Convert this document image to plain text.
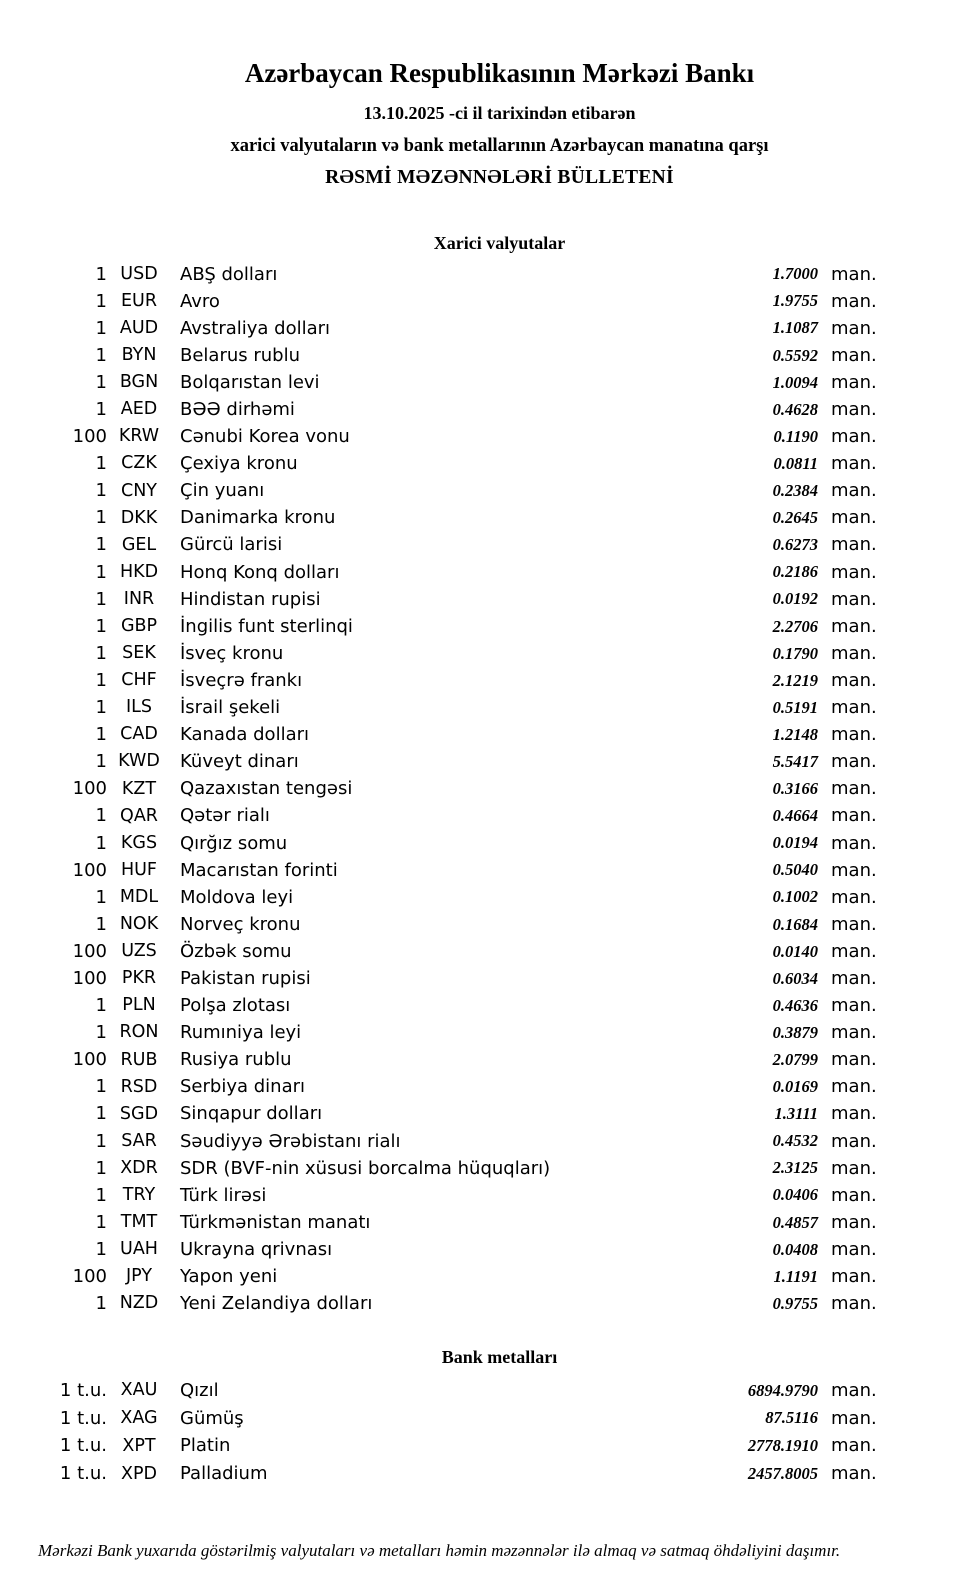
Azərbaycan Respublikasının Mərkəzi Bankı

13.10.2025 -ci il tarixindən etibarən

xarici valyutaların və bank metallarının Azərbaycan manatına qarşı

RƏSMİ MƏZƏNNƏLƏRİ BÜLLETENİ

Xarici valyutalar
1 USD	ABŞ dolları	1.7000 man.
1 EUR	Avro	1.9755 man.
1 AUD	Avstraliya dolları	1.1087 man.
1 BYN	Belarus rublu	0.5592 man.
1 BGN	Bolqarıstan levi	1.0094 man.
1 AED	BƏƏ dirhəmi	0.4628 man.
100 KRW	Cənubi Korea vonu	0.1190 man.
1 CZK	Çexiya kronu	0.0811 man.
1 CNY	Çin yuanı	0.2384 man.
1 DKK	Danimarka kronu	0.2645 man.
1 GEL	Gürcü larisi	0.6273 man.
1 HKD	Honq Konq dolları	0.2186 man.
1 INR	Hindistan rupisi	0.0192 man.
1 GBP	İngilis funt sterlinqi	2.2706 man.
1 SEK	İsveç kronu	0.1790 man.
1 CHF	İsveçrə frankı	2.1219 man.
1	ILS	İsrail şekeli	0.5191 man.
1 CAD	Kanada dolları	1.2148 man.
1 KWD	Küveyt dinarı	5.5417 man.
100 KZT	Qazaxıstan tengəsi	0.3166 man.
1 QAR	Qətər rialı	0.4664 man.
1 KGS	Qırğız somu	0.0194 man.
100 HUF	Macarıstan forinti	0.5040 man.
1 MDL	Moldova leyi	0.1002 man.
1 NOK	Norveç kronu	0.1684 man.
100 UZS	Özbək somu	0.0140 man.
100 PKR	Pakistan rupisi	0.6034 man.
1 PLN	Polşa zlotası	0.4636 man.
1 RON	Rumıniya leyi	0.3879 man.
100 RUB	Rusiya rublu	2.0799 man.
1 RSD	Serbiya dinarı	0.0169 man.
1 SGD	Sinqapur dolları	1.3111 man.
1 SAR	Səudiyyə Ərəbistanı rialı	0.4532 man.
1 XDR	SDR (BVF-nin xüsusi borcalma hüquqları)	2.3125 man.
1 TRY	Türk lirəsi	0.0406 man.
1 TMT	Türkmənistan manatı	0.4857 man.
1 UAH	Ukrayna qrivnası	0.0408 man.
100	JPY	Yapon yeni	1.1191 man.
1 NZD	Yeni Zelandiya dolları	0.9755 man.
Bank metalları
1 t.u. XAU	Qızıl	6894.9790 man.
1 t.u. XAG	Gümüş	87.5116 man.
1 t.u. XPT	Platin	2778.1910 man.
1 t.u. XPD	Palladium	2457.8005 man.

Mərkəzi Bank yuxarıda göstərilmiş valyutaları və metalları həmin məzənnələr ilə almaq və satmaq öhdəliyini daşımır.
